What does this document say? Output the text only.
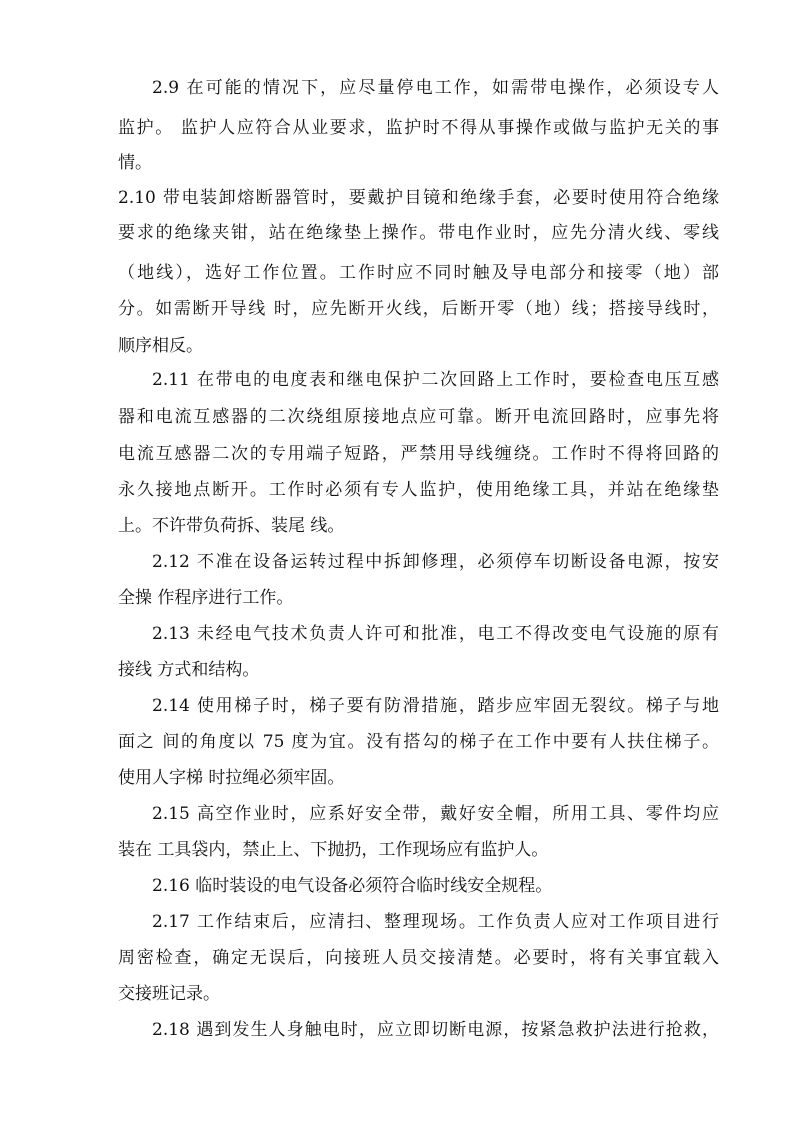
2.9 在可能的情况下，应尽量停电工作，如需带电操作，必须设专人
监护。 监护人应符合从业要求，监护时不得从事操作或做与监护无关的事
情。
2.10 带电装卸熔断器管时，要戴护目镜和绝缘手套，必要时使用符合绝缘
要求的绝缘夹钳，站在绝缘垫上操作。带电作业时，应先分清火线、零线
（地线），选好工作位置。工作时应不同时触及导电部分和接零（地）部
分。如需断开导线 时，应先断开火线，后断开零（地）线；搭接导线时，
顺序相反。
2.11 在带电的电度表和继电保护二次回路上工作时，要检查电压互感
器和电流互感器的二次绕组原接地点应可靠。断开电流回路时，应事先将
电流互感器二次的专用端子短路，严禁用导线缠绕。工作时不得将回路的
永久接地点断开。工作时必须有专人监护，使用绝缘工具，并站在绝缘垫
上。不许带负荷拆、装尾 线。
2.12 不准在设备运转过程中拆卸修理，必须停车切断设备电源，按安
全操 作程序进行工作。
2.13 未经电气技术负责人许可和批准，电工不得改变电气设施的原有
接线 方式和结构。
2.14 使用梯子时，梯子要有防滑措施，踏步应牢固无裂纹。梯子与地
面之 间的角度以 75 度为宜。没有搭勾的梯子在工作中要有人扶住梯子。
使用人字梯 时拉绳必须牢固。
2.15 高空作业时，应系好安全带，戴好安全帽，所用工具、零件均应
装在 工具袋内，禁止上、下抛扔，工作现场应有监护人。
2.16 临时装设的电气设备必须符合临时线安全规程。
2.17 工作结束后，应清扫、整理现场。工作负责人应对工作项目进行
周密检查，确定无误后，向接班人员交接清楚。必要时，将有关事宜载入
交接班记录。
2.18 遇到发生人身触电时，应立即切断电源，按紧急救护法进行抢救，
